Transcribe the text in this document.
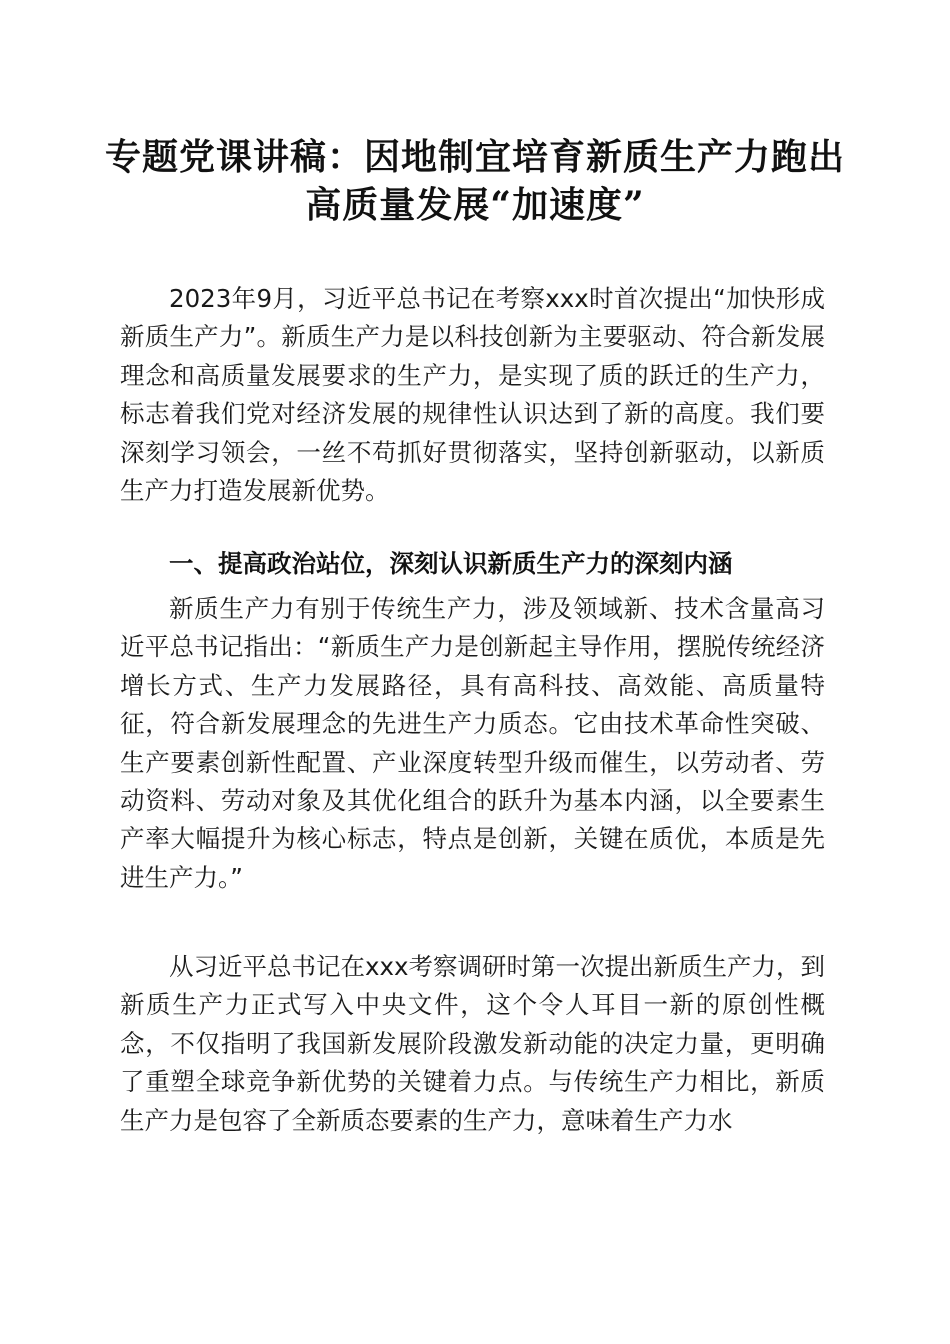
专题党课讲稿：因地制宜培育新质生产力跑出
高质量发展“加速度”

2023年9月，习近平总书记在考察xxx时首次提出“加快形成新质生产力”。新质生产力是以科技创新为主要驱动、符合新发展理念和高质量发展要求的生产力，是实现了质的跃迁的生产力，标志着我们党对经济发展的规律性认识达到了新的高度。我们要深刻学习领会，一丝不苟抓好贯彻落实，坚持创新驱动，以新质生产力打造发展新优势。

一、提高政治站位，深刻认识新质生产力的深刻内涵

新质生产力有别于传统生产力，涉及领域新、技术含量高习近平总书记指出：“新质生产力是创新起主导作用，摆脱传统经济增长方式、生产力发展路径，具有高科技、高效能、高质量特征，符合新发展理念的先进生产力质态。它由技术革命性突破、生产要素创新性配置、产业深度转型升级而催生，以劳动者、劳动资料、劳动对象及其优化组合的跃升为基本内涵，以全要素生产率大幅提升为核心标志，特点是创新，关键在质优，本质是先进生产力。”

从习近平总书记在xxx考察调研时第一次提出新质生产力，到新质生产力正式写入中央文件，这个令人耳目一新的原创性概念，不仅指明了我国新发展阶段激发新动能的决定力量，更明确了重塑全球竞争新优势的关键着力点。与传统生产力相比，新质生产力是包容了全新质态要素的生产力，意味着生产力水
